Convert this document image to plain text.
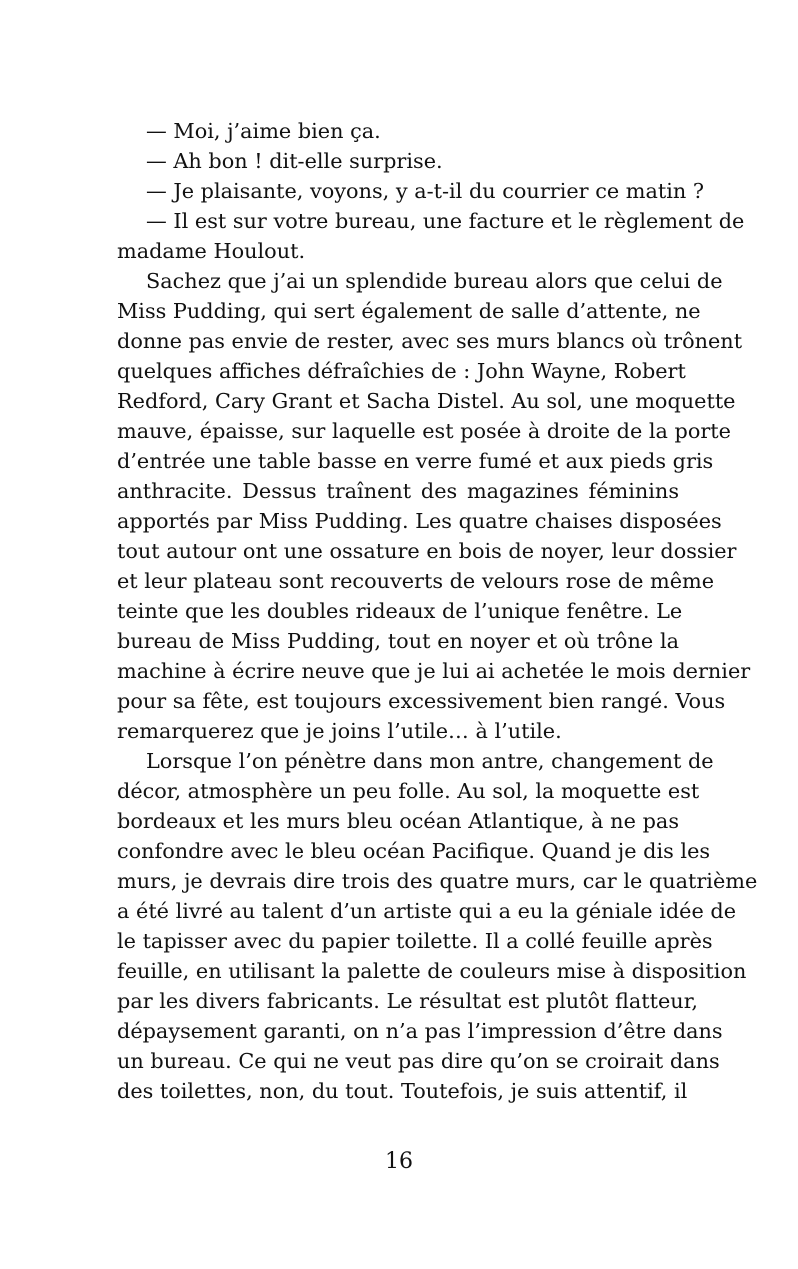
— Moi, j’aime bien ça.
— Ah bon ! dit-elle surprise.
— Je plaisante, voyons, y a-t-il du courrier ce matin ?
— Il est sur votre bureau, une facture et le règlement de
madame Houlout.
Sachez que j’ai un splendide bureau alors que celui de
Miss Pudding, qui sert également de salle d’attente, ne
donne pas envie de rester, avec ses murs blancs où trônent
quelques affiches défraîchies de : John Wayne, Robert
Redford, Cary Grant et Sacha Distel. Au sol, une moquette
mauve, épaisse, sur laquelle est posée à droite de la porte
d’entrée une table basse en verre fumé et aux pieds gris
anthracite. Dessus traînent des magazines féminins
apportés par Miss Pudding. Les quatre chaises disposées
tout autour ont une ossature en bois de noyer, leur dossier
et leur plateau sont recouverts de velours rose de même
teinte que les doubles rideaux de l’unique fenêtre. Le
bureau de Miss Pudding, tout en noyer et où trône la
machine à écrire neuve que je lui ai achetée le mois dernier
pour sa fête, est toujours excessivement bien rangé. Vous
remarquerez que je joins l’utile… à l’utile.
Lorsque l’on pénètre dans mon antre, changement de
décor, atmosphère un peu folle. Au sol, la moquette est
bordeaux et les murs bleu océan Atlantique, à ne pas
confondre avec le bleu océan Pacifique. Quand je dis les
murs, je devrais dire trois des quatre murs, car le quatrième
a été livré au talent d’un artiste qui a eu la géniale idée de
le tapisser avec du papier toilette. Il a collé feuille après
feuille, en utilisant la palette de couleurs mise à disposition
par les divers fabricants. Le résultat est plutôt flatteur,
dépaysement garanti, on n’a pas l’impression d’être dans
un bureau. Ce qui ne veut pas dire qu’on se croirait dans
des toilettes, non, du tout. Toutefois, je suis attentif, il
16
